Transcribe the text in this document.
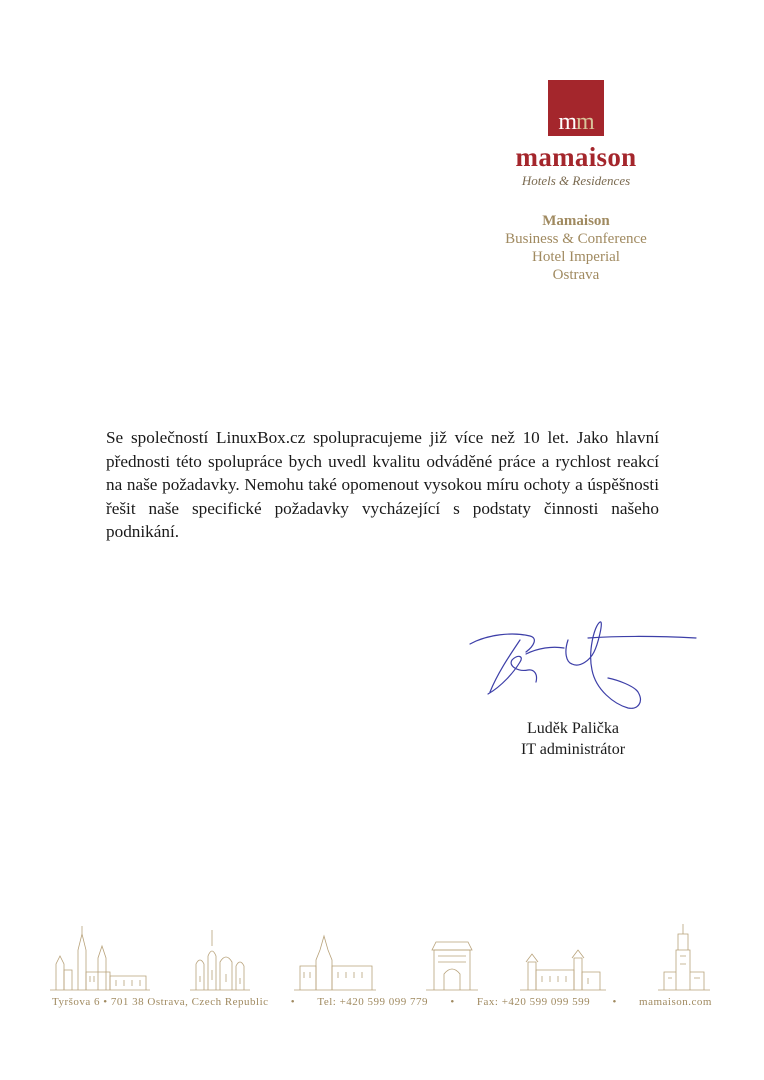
m m
mamaison
Hotels & Residences
Mamaison
Business & Conference
Hotel Imperial
Ostrava

Se společností LinuxBox.cz spolupracujeme již více než 10 let. Jako hlavní přednosti této spolupráce bych uvedl kvalitu odváděné práce a rychlost reakcí na naše požadavky. Nemohu také opomenout vysokou míru ochoty a úspěšnosti řešit naše specifické požadavky vycházející s podstaty činnosti našeho podnikání.

Luděk Palička
IT administrátor
Tyršova 6 • 701 38 Ostrava, Czech Republic • Tel: +420 599 099 779 • Fax: +420 599 099 599 • mamaison.com
